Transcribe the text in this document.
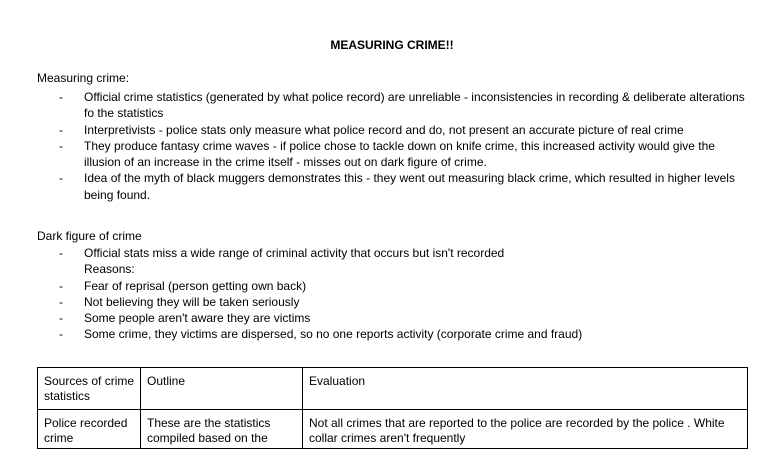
MEASURING CRIME!!
Measuring crime:
- Official crime statistics (generated by what police record) are unreliable - inconsistencies in recording & deliberate alterations fo the statistics
- Interpretivists - police stats only measure what police record and do, not present an accurate picture of real crime
- They produce fantasy crime waves - if police chose to tackle down on knife crime, this increased activity would give the illusion of an increase in the crime itself - misses out on dark figure of crime.
- Idea of the myth of black muggers demonstrates this - they went out measuring black crime, which resulted in higher levels being found.
Dark figure of crime
- Official stats miss a wide range of criminal activity that occurs but isn't recorded
Reasons:
- Fear of reprisal (person getting own back)
- Not believing they will be taken seriously
- Some people aren't aware they are victims
- Some crime, they victims are dispersed, so no one reports activity (corporate crime and fraud)
Sources of crime statistics	Outline	Evaluation
Police recorded crime	These are the statistics compiled based on the	Not all crimes that are reported to the police are recorded by the police . White collar crimes aren't frequently
